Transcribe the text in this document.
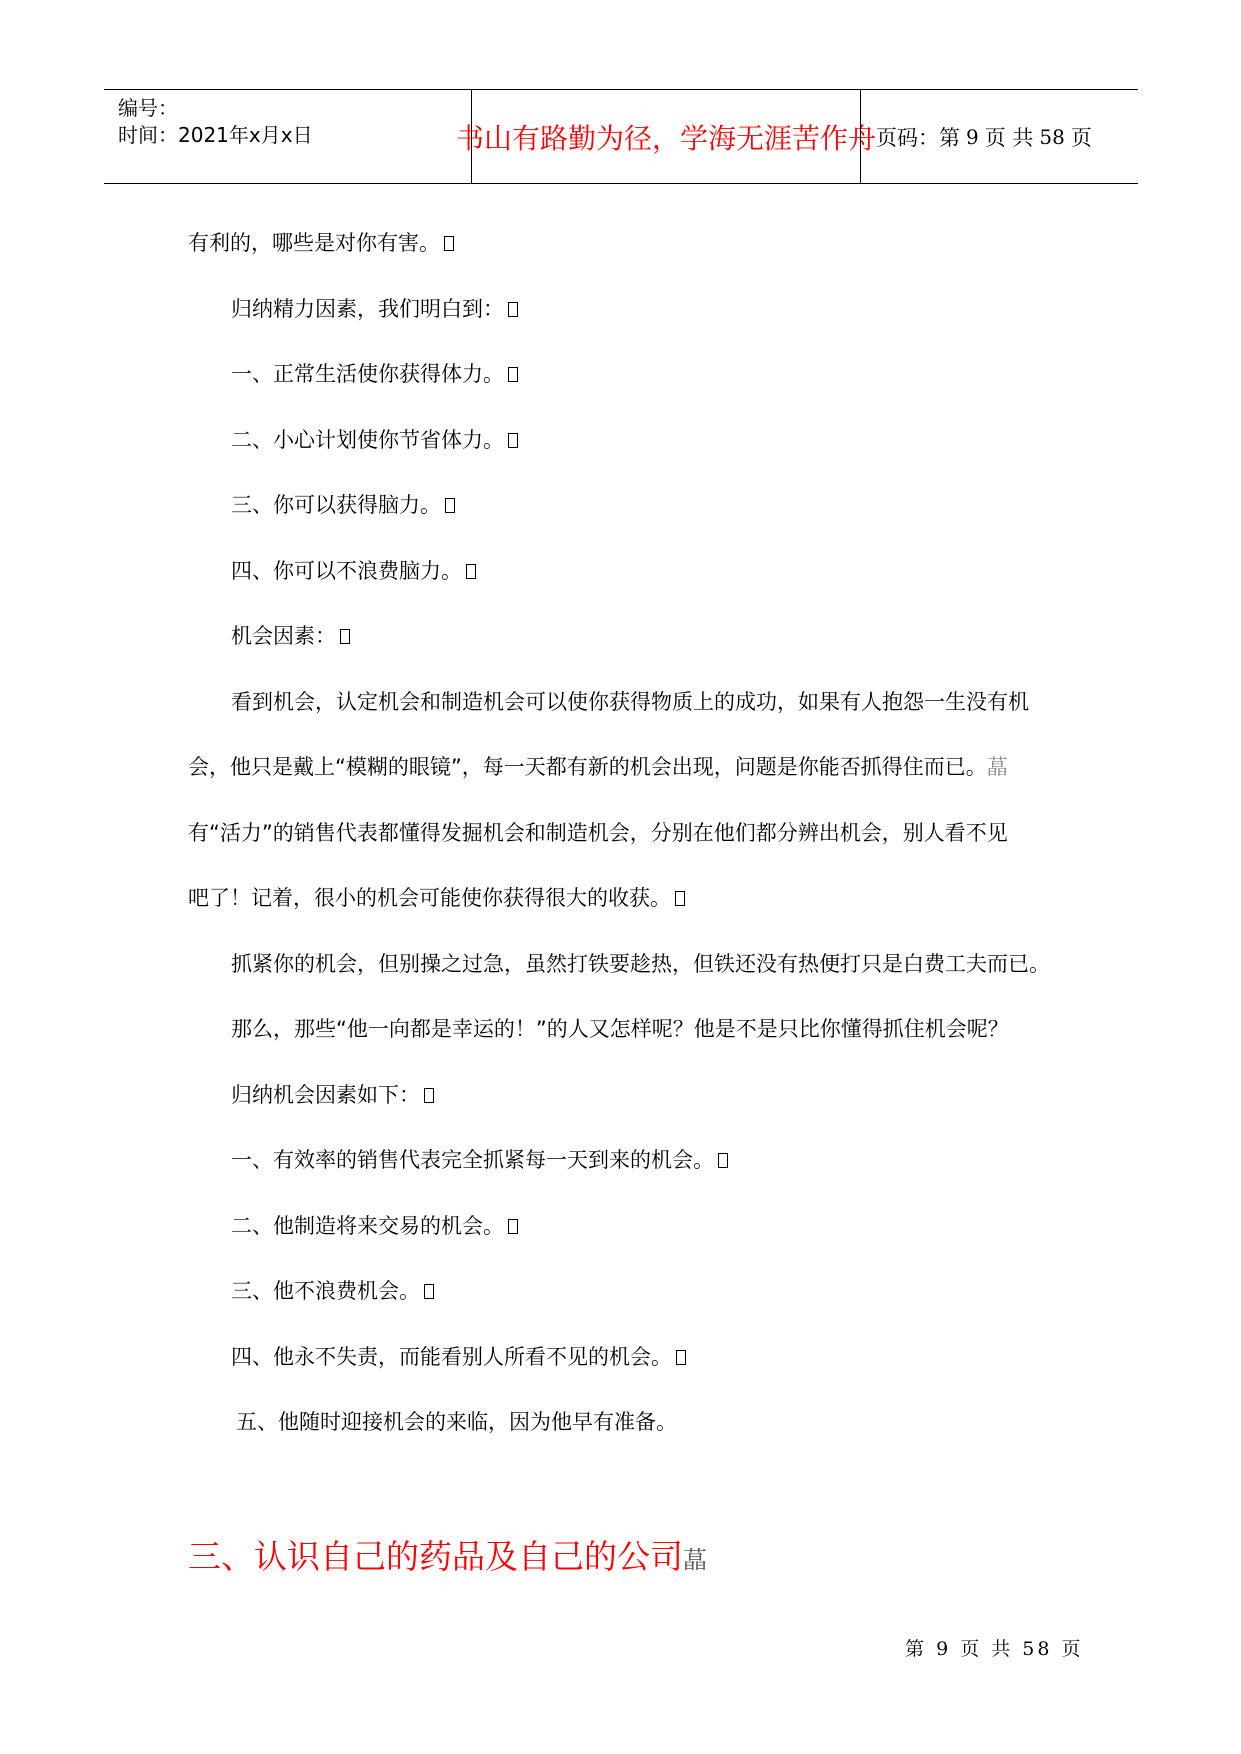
编号：
时间：2021年x月x日	书山有路勤为径，学海无涯苦作舟 页码：第 9 页 共 58 页
有利的，哪些是对你有害。
归纳精力因素，我们明白到：
一、正常生活使你获得体力。
二、小心计划使你节省体力。
三、你可以获得脑力。
四、你可以不浪费脑力。
机会因素：
看到机会，认定机会和制造机会可以使你获得物质上的成功，如果有人抱怨一生没有机
会，他只是戴上“模糊的眼镜”，每一天都有新的机会出现，问题是你能否抓得住而已。蕌
有“活力”的销售代表都懂得发掘机会和制造机会，分别在他们都分辨出机会，别人看不见
吧了！记着，很小的机会可能使你获得很大的收获。
抓紧你的机会，但别操之过急，虽然打铁要趁热，但铁还没有热便打只是白费工夫而已。
那么，那些“他一向都是幸运的！”的人又怎样呢？他是不是只比你懂得抓住机会呢？
归纳机会因素如下：
一、有效率的销售代表完全抓紧每一天到来的机会。
二、他制造将来交易的机会。
三、他不浪费机会。
四、他永不失责，而能看别人所看不见的机会。
五、他随时迎接机会的来临，因为他早有准备。
三、认识自己的药品及自己的公司蕌
第 9 页 共 58 页
